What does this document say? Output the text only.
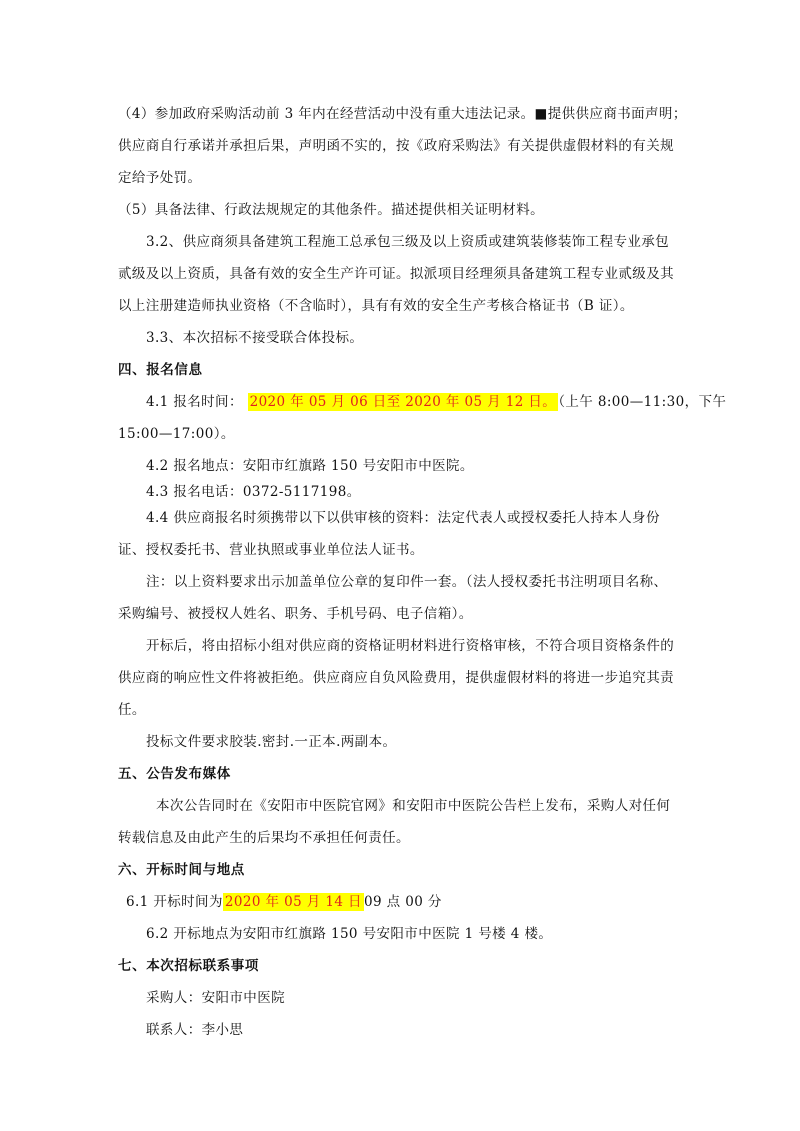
（4）参加政府采购活动前 3 年内在经营活动中没有重大违法记录。■提供供应商书面声明；
供应商自行承诺并承担后果，声明函不实的，按《政府采购法》有关提供虚假材料的有关规
定给予处罚。
（5）具备法律、行政法规规定的其他条件。描述提供相关证明材料。
3.2、供应商须具备建筑工程施工总承包三级及以上资质或建筑装修装饰工程专业承包
贰级及以上资质，具备有效的安全生产许可证。拟派项目经理须具备建筑工程专业贰级及其
以上注册建造师执业资格（不含临时），具有有效的安全生产考核合格证书（B 证）。
3.3、本次招标不接受联合体投标。
四、报名信息
4.1 报名时间： 2020 年 05 月 06 日至 2020 年 05 月 12 日。 （上午 8:00—11:30，下午
15:00—17:00）。
4.2 报名地点：安阳市红旗路 150 号安阳市中医院。
4.3 报名电话：0372-5117198。
4.4 供应商报名时须携带以下以供审核的资料：法定代表人或授权委托人持本人身份
证、授权委托书、营业执照或事业单位法人证书。
注：以上资料要求出示加盖单位公章的复印件一套。（法人授权委托书注明项目名称、
采购编号、被授权人姓名、职务、手机号码、电子信箱）。
开标后，将由招标小组对供应商的资格证明材料进行资格审核，不符合项目资格条件的
供应商的响应性文件将被拒绝。供应商应自负风险费用，提供虚假材料的将进一步追究其责
任。
投标文件要求胶装.密封.一正本.两副本。
五、公告发布媒体
本次公告同时在《安阳市中医院官网》和安阳市中医院公告栏上发布，采购人对任何
转载信息及由此产生的后果均不承担任何责任。
六、开标时间与地点
6.1 开标时间为 2020 年 05 月 14 日 09 点 00 分
6.2 开标地点为安阳市红旗路 150 号安阳市中医院 1 号楼 4 楼。
七、本次招标联系事项
采购人：安阳市中医院
联系人：李小思
